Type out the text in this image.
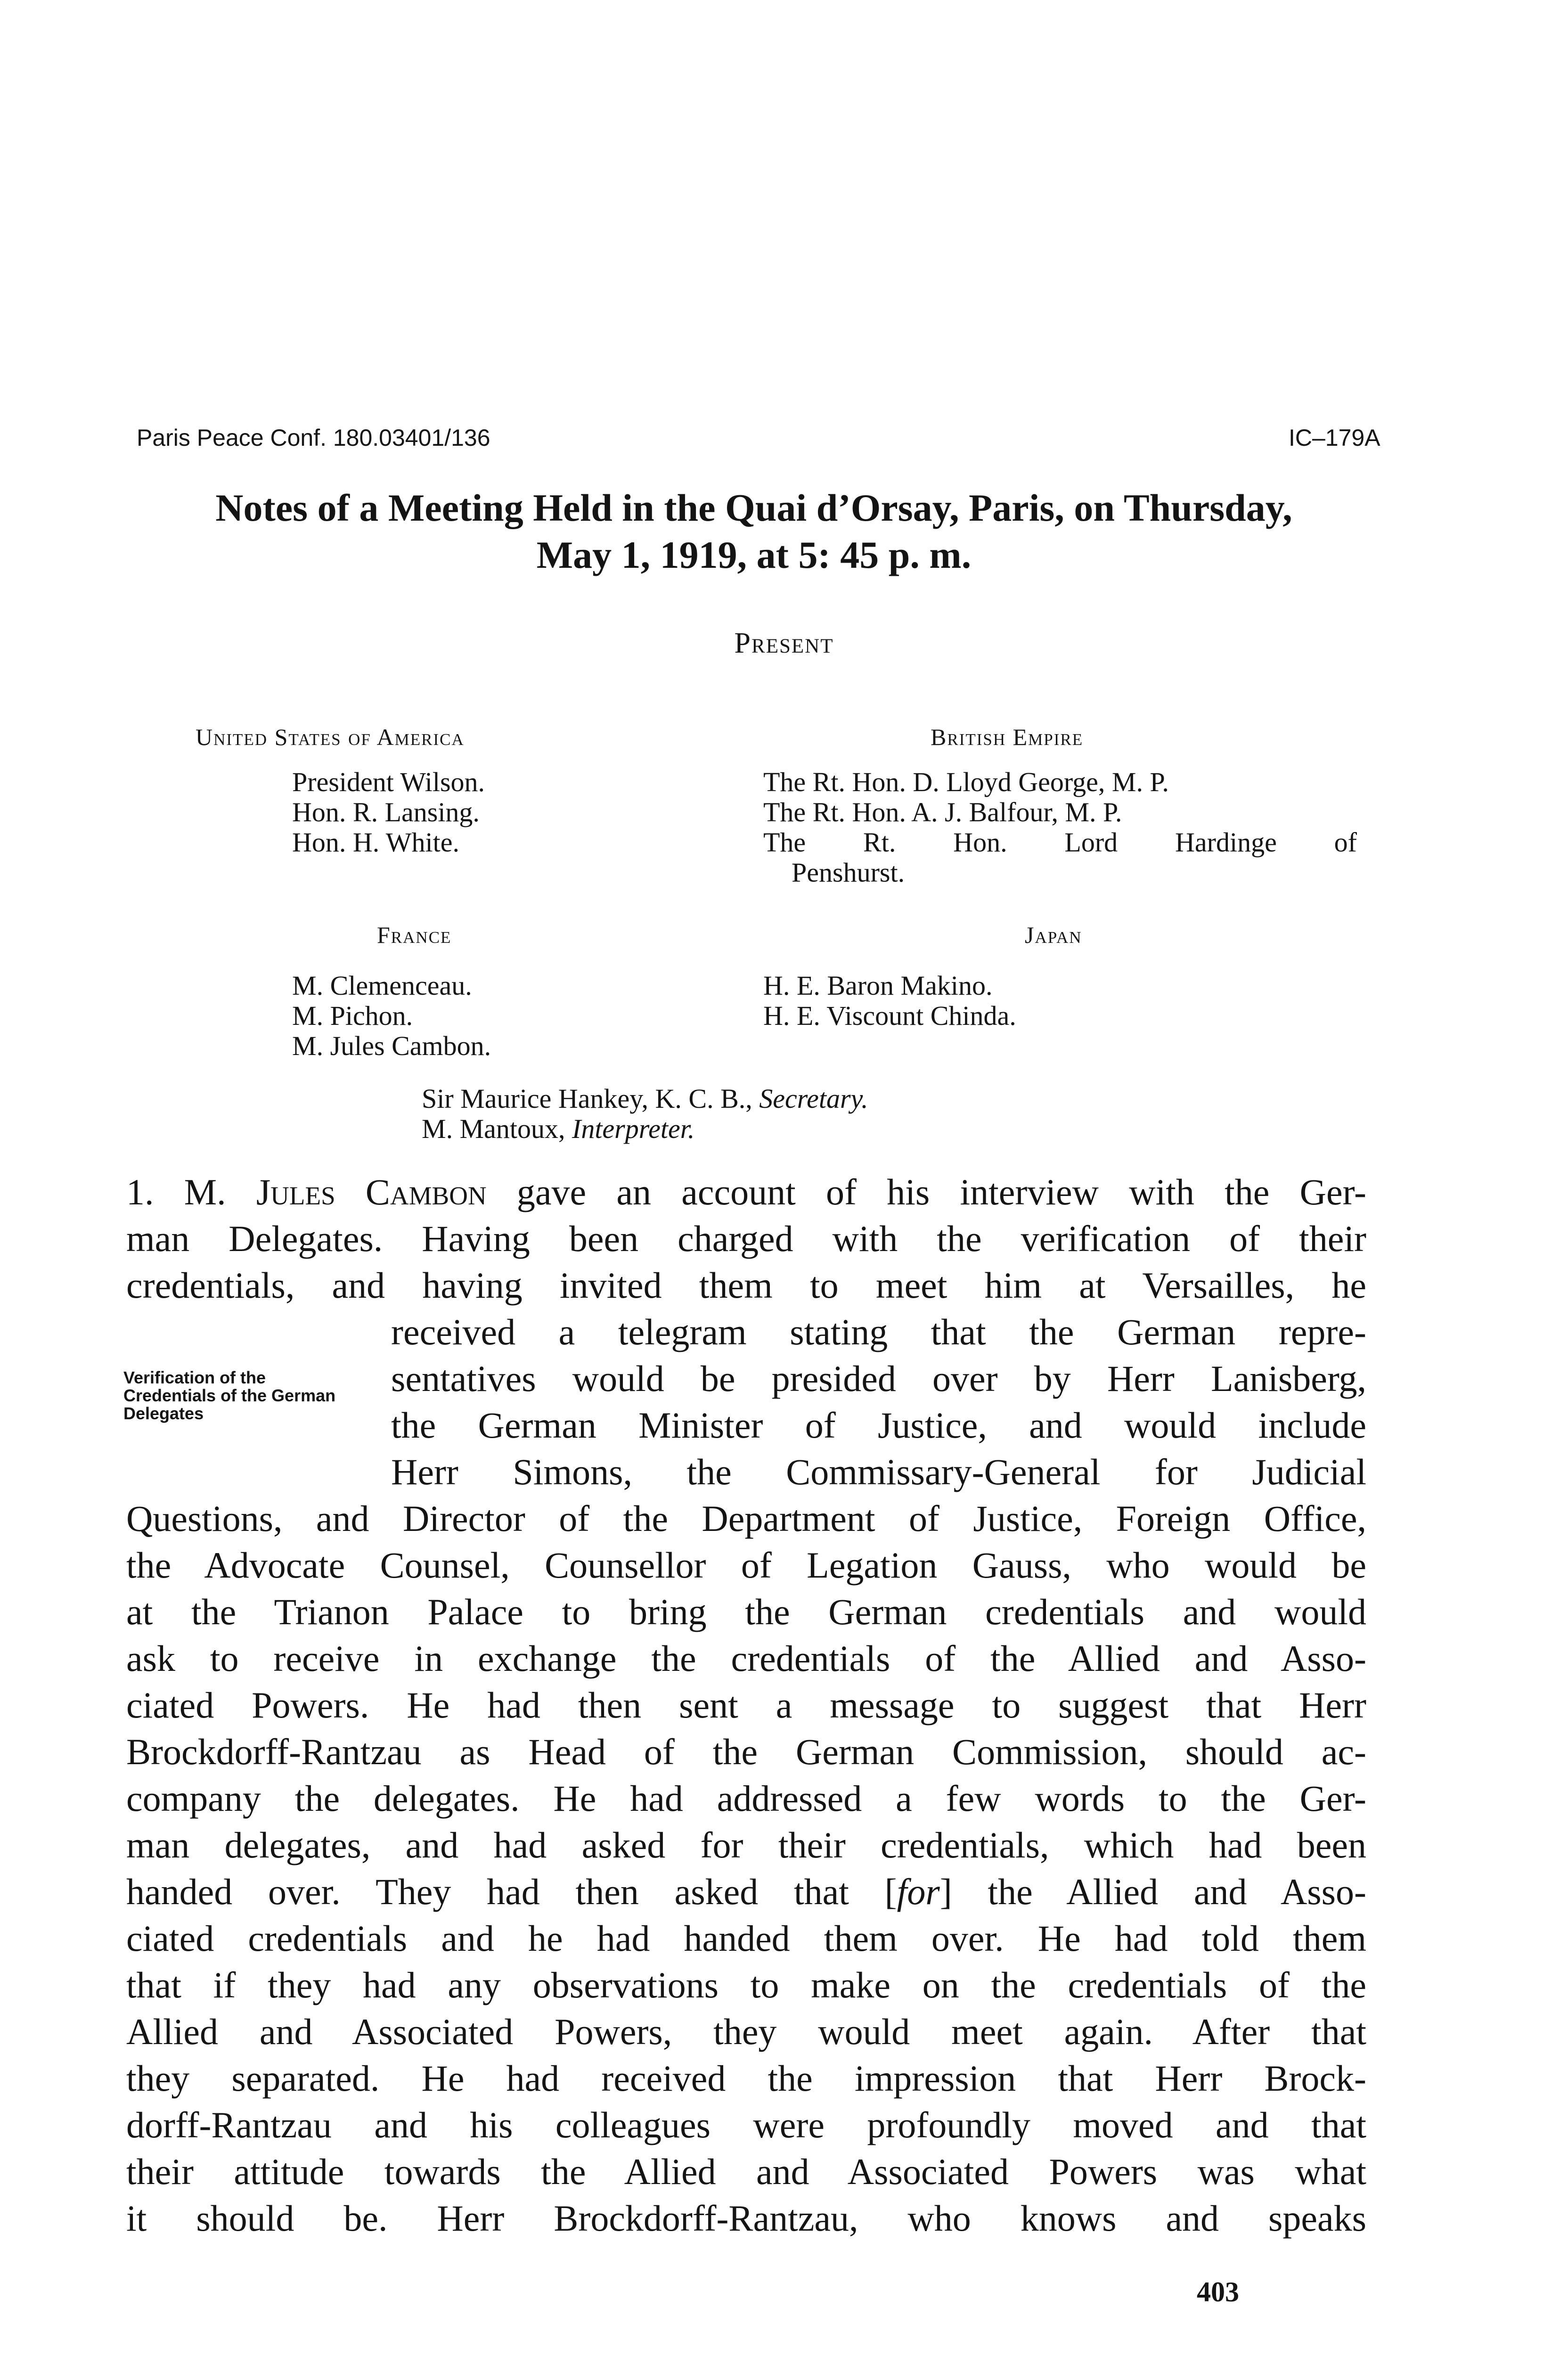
Paris Peace Conf. 180.03401/136	IC–179A
Notes of a Meeting Held in the Quai d’Orsay, Paris, on Thursday,
May 1, 1919, at 5: 45 p. m.
Present
United States of America
President Wilson.
Hon. R. Lansing.
Hon. H. White.
British Empire
The Rt. Hon. D. Lloyd George, M. P.
The Rt. Hon. A. J. Balfour, M. P.
The Rt. Hon. Lord Hardinge of
Penshurst.
France
M. Clemenceau.
M. Pichon.
M. Jules Cambon.
Japan
H. E. Baron Makino.
H. E. Viscount Chinda.
Sir Maurice Hankey, K. C. B., Secretary.
M. Mantoux, Interpreter.
Verification of the Credentials of the German Delegates
1. M. Jules Cambon gave an account of his interview with the Ger-
man Delegates. Having been charged with the verification of their
credentials, and having invited them to meet him at Versailles, he
received a telegram stating that the German repre-
sentatives would be presided over by Herr Lanisberg,
the German Minister of Justice, and would include
Herr Simons, the Commissary-General for Judicial
Questions, and Director of the Department of Justice, Foreign Office,
the Advocate Counsel, Counsellor of Legation Gauss, who would be
at the Trianon Palace to bring the German credentials and would
ask to receive in exchange the credentials of the Allied and Asso-
ciated Powers. He had then sent a message to suggest that Herr
Brockdorff-Rantzau as Head of the German Commission, should ac-
company the delegates. He had addressed a few words to the Ger-
man delegates, and had asked for their credentials, which had been
handed over. They had then asked that [for] the Allied and Asso-
ciated credentials and he had handed them over. He had told them
that if they had any observations to make on the credentials of the
Allied and Associated Powers, they would meet again. After that
they separated. He had received the impression that Herr Brock-
dorff-Rantzau and his colleagues were profoundly moved and that
their attitude towards the Allied and Associated Powers was what
it should be. Herr Brockdorff-Rantzau, who knows and speaks
403
